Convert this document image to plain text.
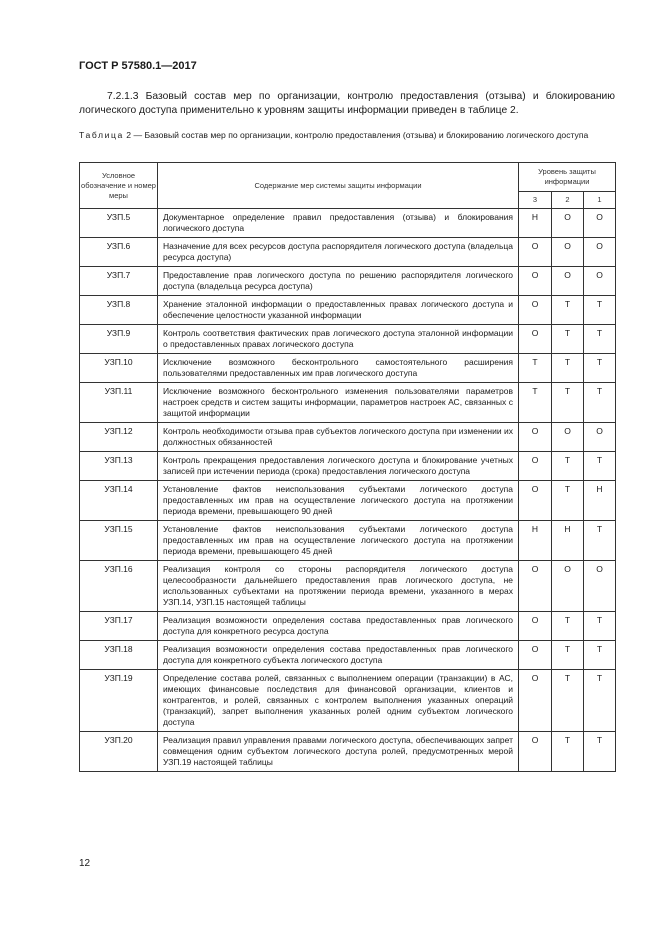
ГОСТ Р 57580.1—2017
7.2.1.3 Базовый состав мер по организации, контролю предоставления (отзыва) и блокированию логического доступа применительно к уровням защиты информации приведен в таблице 2.
Таблица 2 — Базовый состав мер по организации, контролю предоставления (отзыва) и блокированию логического доступа
Условное обозначение и номер меры	Содержание мер системы защиты информации	Уровень защиты информации		
		3	2	1
УЗП.5	Документарное определение правил предоставления (отзыва) и блокирования логического доступа	Н	О	О
УЗП.6	Назначение для всех ресурсов доступа распорядителя логического доступа (владельца ресурса доступа)	О	О	О
УЗП.7	Предоставление прав логического доступа по решению распорядителя логического доступа (владельца ресурса доступа)	О	О	О
УЗП.8	Хранение эталонной информации о предоставленных правах логического доступа и обеспечение целостности указанной информации	О	Т	Т
УЗП.9	Контроль соответствия фактических прав логического доступа эталонной информации о предоставленных правах логического доступа	О	Т	Т
УЗП.10	Исключение возможного бесконтрольного самостоятельного расширения пользователями предоставленных им прав логического доступа	Т	Т	Т
УЗП.11	Исключение возможного бесконтрольного изменения пользователями параметров настроек средств и систем защиты информации, параметров настроек АС, связанных с защитой информации	Т	Т	Т
УЗП.12	Контроль необходимости отзыва прав субъектов логического доступа при изменении их должностных обязанностей	О	О	О
УЗП.13	Контроль прекращения предоставления логического доступа и блокирование учетных записей при истечении периода (срока) предоставления логического доступа	О	Т	Т
УЗП.14	Установление фактов неиспользования субъектами логического доступа предоставленных им прав на осуществление логического доступа на протяжении периода времени, превышающего 90 дней	О	Т	Н
УЗП.15	Установление фактов неиспользования субъектами логического доступа предоставленных им прав на осуществление логического доступа на протяжении периода времени, превышающего 45 дней	Н	Н	Т
УЗП.16	Реализация контроля со стороны распорядителя логического доступа целесообразности дальнейшего предоставления прав логического доступа, не использованных субъектами на протяжении периода времени, указанного в мерах УЗП.14, УЗП.15 настоящей таблицы	О	О	О
УЗП.17	Реализация возможности определения состава предоставленных прав логического доступа для конкретного ресурса доступа	О	Т	Т
УЗП.18	Реализация возможности определения состава предоставленных прав логического доступа для конкретного субъекта логического доступа	О	Т	Т
УЗП.19	Определение состава ролей, связанных с выполнением операции (транзакции) в АС, имеющих финансовые последствия для финансовой организации, клиентов и контрагентов, и ролей, связанных с контролем выполнения указанных операций (транзакций), запрет выполнения указанных ролей одним субъектом логического доступа	О	Т	Т
УЗП.20	Реализация правил управления правами логического доступа, обеспечивающих запрет совмещения одним субъектом логического доступа ролей, предусмотренных мерой УЗП.19 настоящей таблицы	О	Т	Т
12
